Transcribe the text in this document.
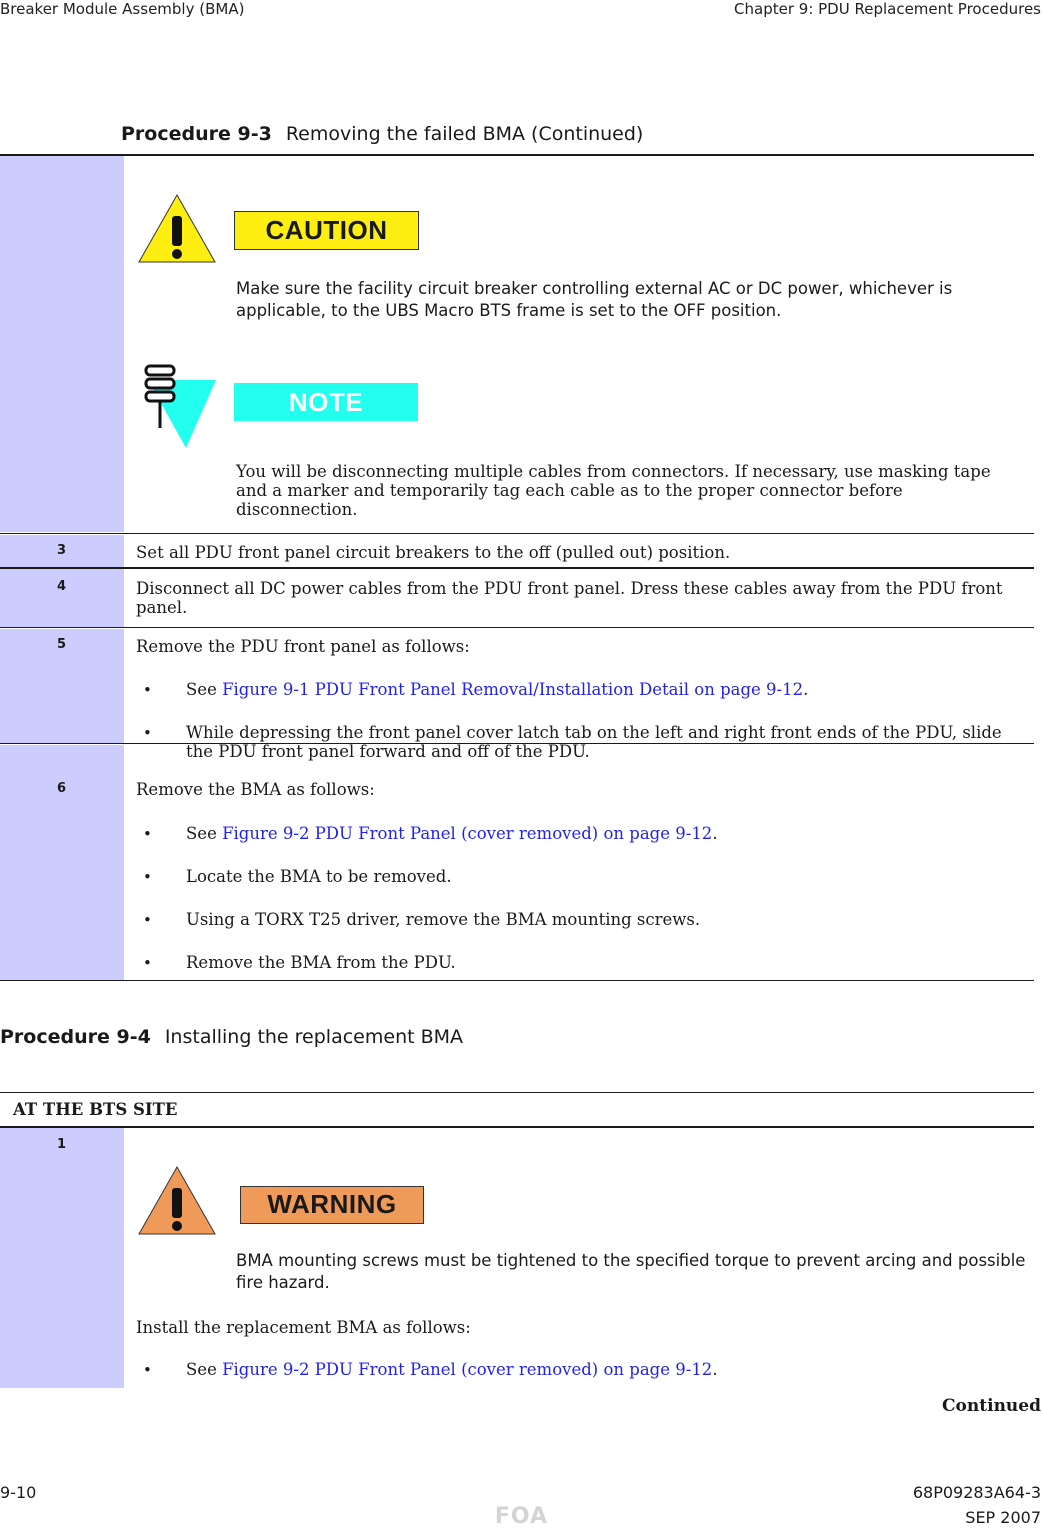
Breaker Module Assembly (BMA)	Chapter 9: PDU Replacement Procedures
Procedure 9-3 Removing the failed BMA (Continued)
CAUTION
Make sure the facility circuit breaker controlling external AC or DC power, whichever is applicable, to the UBS Macro BTS frame is set to the OFF position.
NOTE
You will be disconnecting multiple cables from connectors. If necessary, use masking tape and a marker and temporarily tag each cable as to the proper connector before disconnection.
3	Set all PDU front panel circuit breakers to the off (pulled out) position.
4	Disconnect all DC power cables from the PDU front panel. Dress these cables away from the PDU front panel.
5	Remove the PDU front panel as follows:
• See Figure 9-1 PDU Front Panel Removal/Installation Detail on page 9-12.
• While depressing the front panel cover latch tab on the left and right front ends of the PDU, slide the PDU front panel forward and off of the PDU.
6	Remove the BMA as follows:
• See Figure 9-2 PDU Front Panel (cover removed) on page 9-12.
• Locate the BMA to be removed.
• Using a TORX T25 driver, remove the BMA mounting screws.
• Remove the BMA from the PDU.
Procedure 9-4 Installing the replacement BMA
AT THE BTS SITE
1
WARNING
BMA mounting screws must be tightened to the specified torque to prevent arcing and possible fire hazard.
Install the replacement BMA as follows:
• See Figure 9-2 PDU Front Panel (cover removed) on page 9-12.
Continued
9-10	68P09283A64-3
FOA	SEP 2007
